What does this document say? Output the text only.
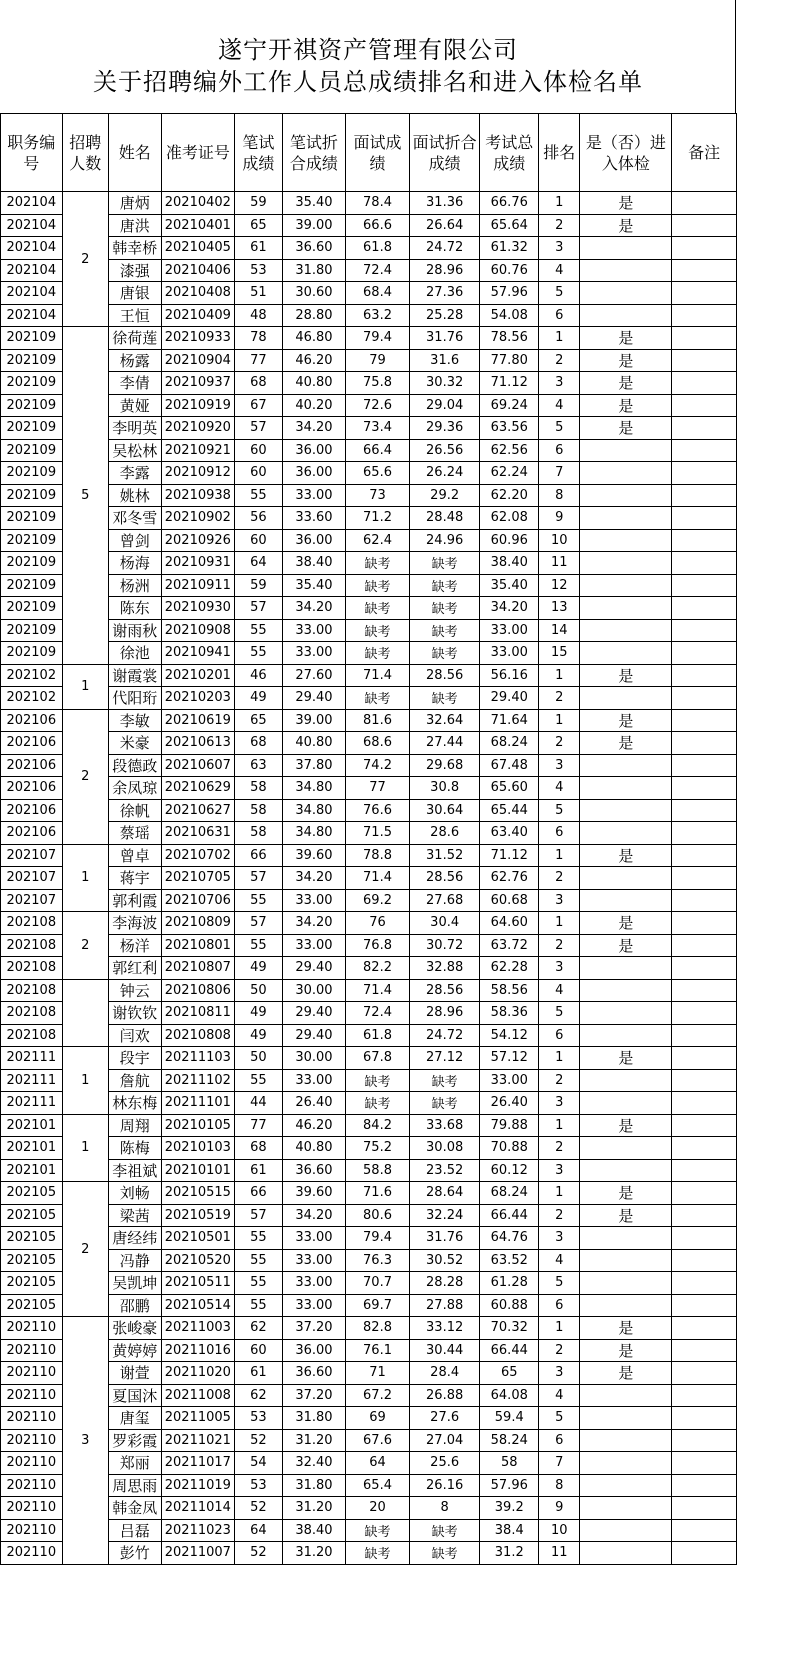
遂宁开祺资产管理有限公司
关于招聘编外工作人员总成绩排名和进入体检名单
职务编号	招聘人数	姓名	准考证号	笔试成绩	笔试折合成绩	面试成绩	面试折合成绩	考试总成绩	排名	是（否）进入体检	备注
202104	2	唐炳	20210402	59	35.40	78.4	31.36	66.76	1	是	
202104		唐洪	20210401	65	39.00	66.6	26.64	65.64	2	是	
202104		韩幸桥	20210405	61	36.60	61.8	24.72	61.32	3		
202104		漆强	20210406	53	31.80	72.4	28.96	60.76	4		
202104		唐银	20210408	51	30.60	68.4	27.36	57.96	5		
202104		王恒	20210409	48	28.80	63.2	25.28	54.08	6		
202109	5	徐荷莲	20210933	78	46.80	79.4	31.76	78.56	1	是	
202109		杨露	20210904	77	46.20	79	31.6	77.80	2	是	
202109		李倩	20210937	68	40.80	75.8	30.32	71.12	3	是	
202109		黄娅	20210919	67	40.20	72.6	29.04	69.24	4	是	
202109		李明英	20210920	57	34.20	73.4	29.36	63.56	5	是	
202109		吴松林	20210921	60	36.00	66.4	26.56	62.56	6		
202109		李露	20210912	60	36.00	65.6	26.24	62.24	7		
202109		姚林	20210938	55	33.00	73	29.2	62.20	8		
202109		邓冬雪	20210902	56	33.60	71.2	28.48	62.08	9		
202109		曾剑	20210926	60	36.00	62.4	24.96	60.96	10		
202109		杨海	20210931	64	38.40	缺考	缺考	38.40	11		
202109		杨洲	20210911	59	35.40	缺考	缺考	35.40	12		
202109		陈东	20210930	57	34.20	缺考	缺考	34.20	13		
202109		谢雨秋	20210908	55	33.00	缺考	缺考	33.00	14		
202109		徐池	20210941	55	33.00	缺考	缺考	33.00	15		
202102	1	谢霞裳	20210201	46	27.60	71.4	28.56	56.16	1	是	
202102		代阳珩	20210203	49	29.40	缺考	缺考	29.40	2		
202106	2	李敏	20210619	65	39.00	81.6	32.64	71.64	1	是	
202106		米豪	20210613	68	40.80	68.6	27.44	68.24	2	是	
202106		段德政	20210607	63	37.80	74.2	29.68	67.48	3		
202106		余凤琼	20210629	58	34.80	77	30.8	65.60	4		
202106		徐帆	20210627	58	34.80	76.6	30.64	65.44	5		
202106		蔡瑶	20210631	58	34.80	71.5	28.6	63.40	6		
202107	1	曾卓	20210702	66	39.60	78.8	31.52	71.12	1	是	
202107		蒋宇	20210705	57	34.20	71.4	28.56	62.76	2		
202107		郭利霞	20210706	55	33.00	69.2	27.68	60.68	3		
202108	2	李海波	20210809	57	34.20	76	30.4	64.60	1	是	
202108		杨洋	20210801	55	33.00	76.8	30.72	63.72	2	是	
202108		郭红利	20210807	49	29.40	82.2	32.88	62.28	3		
202108		钟云	20210806	50	30.00	71.4	28.56	58.56	4		
202108		谢钦钦	20210811	49	29.40	72.4	28.96	58.36	5		
202108		闫欢	20210808	49	29.40	61.8	24.72	54.12	6		
202111	1	段宇	20211103	50	30.00	67.8	27.12	57.12	1	是	
202111		詹航	20211102	55	33.00	缺考	缺考	33.00	2		
202111		林东梅	20211101	44	26.40	缺考	缺考	26.40	3		
202101	1	周翔	20210105	77	46.20	84.2	33.68	79.88	1	是	
202101		陈梅	20210103	68	40.80	75.2	30.08	70.88	2		
202101		李祖斌	20210101	61	36.60	58.8	23.52	60.12	3		
202105	2	刘畅	20210515	66	39.60	71.6	28.64	68.24	1	是	
202105		梁茜	20210519	57	34.20	80.6	32.24	66.44	2	是	
202105		唐经纬	20210501	55	33.00	79.4	31.76	64.76	3		
202105		冯静	20210520	55	33.00	76.3	30.52	63.52	4		
202105		吴凯坤	20210511	55	33.00	70.7	28.28	61.28	5		
202105		邵鹏	20210514	55	33.00	69.7	27.88	60.88	6		
202110	3	张峻豪	20211003	62	37.20	82.8	33.12	70.32	1	是	
202110		黄婷婷	20211016	60	36.00	76.1	30.44	66.44	2	是	
202110		谢萱	20211020	61	36.60	71	28.4	65	3	是	
202110		夏国沐	20211008	62	37.20	67.2	26.88	64.08	4		
202110		唐玺	20211005	53	31.80	69	27.6	59.4	5		
202110		罗彩霞	20211021	52	31.20	67.6	27.04	58.24	6		
202110		郑丽	20211017	54	32.40	64	25.6	58	7		
202110		周思雨	20211019	53	31.80	65.4	26.16	57.96	8		
202110		韩金凤	20211014	52	31.20	20	8	39.2	9		
202110		吕磊	20211023	64	38.40	缺考	缺考	38.4	10		
202110		彭竹	20211007	52	31.20	缺考	缺考	31.2	11		
